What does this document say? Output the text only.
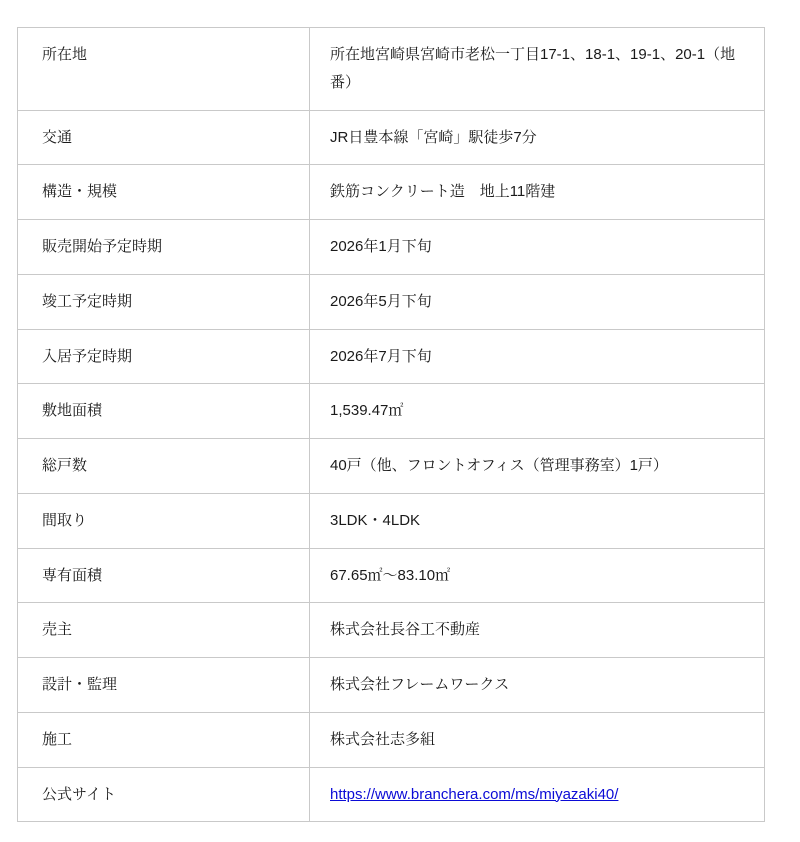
所在地	所在地宮崎県宮崎市老松一丁目17-1、18-1、19-1、20-1（地番）
交通	JR日豊本線「宮崎」駅徒歩7分
構造・規模	鉄筋コンクリート造　地上11階建
販売開始予定時期	2026年1月下旬
竣工予定時期	2026年5月下旬
入居予定時期	2026年7月下旬
敷地面積	1,539.47㎡
総戸数	40戸（他、フロントオフィス（管理事務室）1戸）
間取り	3LDK・4LDK
専有面積	67.65㎡～83.10㎡
売主	株式会社長谷工不動産
設計・監理	株式会社フレームワークス
施工	株式会社志多組
公式サイト	https://www.branchera.com/ms/miyazaki40/
